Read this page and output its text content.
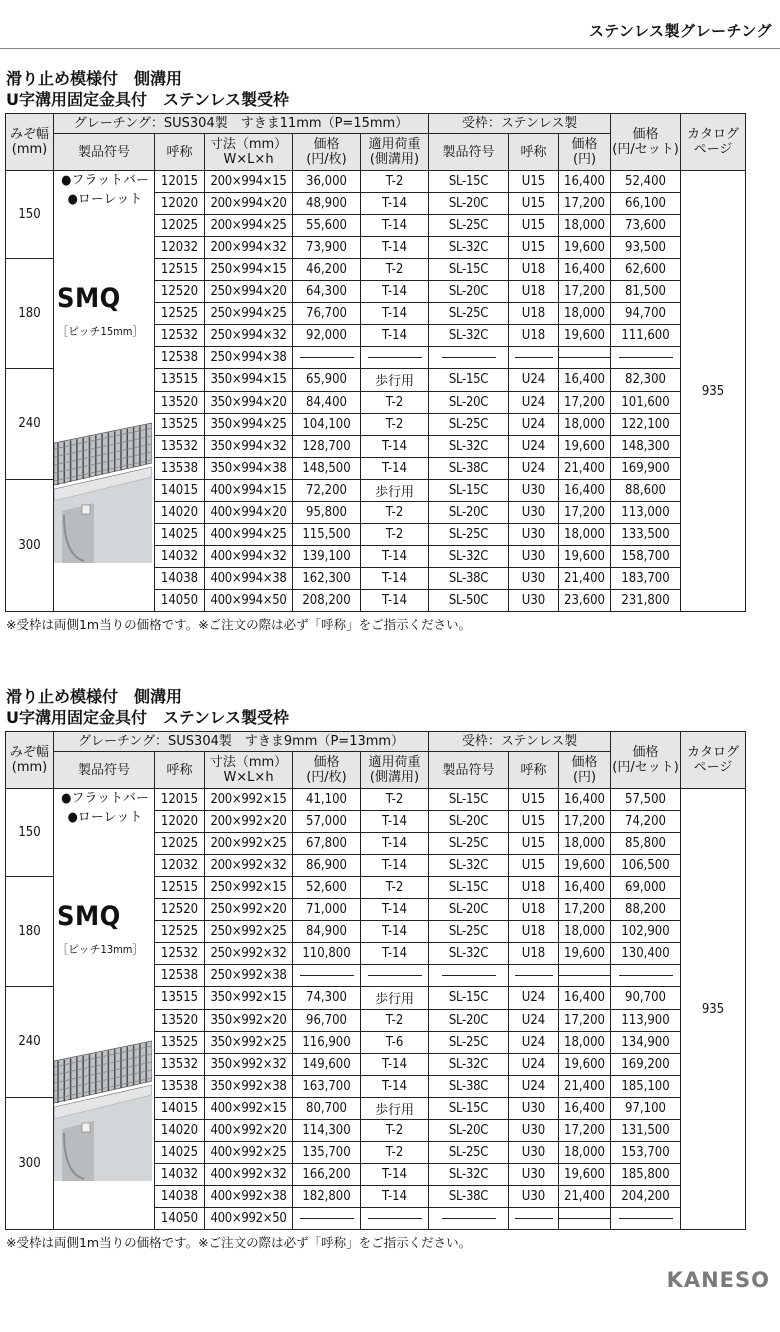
ステンレス製グレーチング
滑り止め模様付　側溝用
U字溝用固定金具付　ステンレス製受枠
みぞ幅
(mm)	グレーチング：SUS304製　すきま11mm（P=15mm）					受枠：ステンレス製			価格
(円/セット)	カタログ
ページ
	製品符号	呼称	寸法（mm）
W×L×h	価格
(円/枚)	適用荷重
(側溝用)	製品符号	呼称	価格
(円)		
150	●フラットバー
●ローレット
SMQ
［ピッチ15mm］	12015	200×994×15	36,000	T-2	SL-15C	U15	16,400	52,400	935
		12020	200×994×20	48,900	T-14	SL-20C	U15	17,200	66,100	
		12025	200×994×25	55,600	T-14	SL-25C	U15	18,000	73,600	
		12032	200×994×32	73,900	T-14	SL-32C	U15	19,600	93,500	
180		12515	250×994×15	46,200	T-2	SL-15C	U18	16,400	62,600	
		12520	250×994×20	64,300	T-14	SL-20C	U18	17,200	81,500	
		12525	250×994×25	76,700	T-14	SL-25C	U18	18,000	94,700	
		12532	250×994×32	92,000	T-14	SL-32C	U18	19,600	111,600	
		12538	250×994×38							
240		13515	350×994×15	65,900	歩行用	SL-15C	U24	16,400	82,300	
		13520	350×994×20	84,400	T-2	SL-20C	U24	17,200	101,600	
		13525	350×994×25	104,100	T-2	SL-25C	U24	18,000	122,100	
		13532	350×994×32	128,700	T-14	SL-32C	U24	19,600	148,300	
		13538	350×994×38	148,500	T-14	SL-38C	U24	21,400	169,900	
300		14015	400×994×15	72,200	歩行用	SL-15C	U30	16,400	88,600	
		14020	400×994×20	95,800	T-2	SL-20C	U30	17,200	113,000	
		14025	400×994×25	115,500	T-2	SL-25C	U30	18,000	133,500	
		14032	400×994×32	139,100	T-14	SL-32C	U30	19,600	158,700	
		14038	400×994×38	162,300	T-14	SL-38C	U30	21,400	183,700	
		14050	400×994×50	208,200	T-14	SL-50C	U30	23,600	231,800	
※受枠は両側1m当りの価格です。※ご注文の際は必ず「呼称」をご指示ください。
滑り止め模様付　側溝用
U字溝用固定金具付　ステンレス製受枠
みぞ幅
(mm)	グレーチング：SUS304製　すきま9mm（P=13mm）					受枠：ステンレス製			価格
(円/セット)	カタログ
ページ
	製品符号	呼称	寸法（mm）
W×L×h	価格
(円/枚)	適用荷重
(側溝用)	製品符号	呼称	価格
(円)		
150	●フラットバー
●ローレット
SMQ
［ピッチ13mm］	12015	200×992×15	41,100	T-2	SL-15C	U15	16,400	57,500	935
		12020	200×992×20	57,000	T-14	SL-20C	U15	17,200	74,200	
		12025	200×992×25	67,800	T-14	SL-25C	U15	18,000	85,800	
		12032	200×992×32	86,900	T-14	SL-32C	U15	19,600	106,500	
180		12515	250×992×15	52,600	T-2	SL-15C	U18	16,400	69,000	
		12520	250×992×20	71,000	T-14	SL-20C	U18	17,200	88,200	
		12525	250×992×25	84,900	T-14	SL-25C	U18	18,000	102,900	
		12532	250×992×32	110,800	T-14	SL-32C	U18	19,600	130,400	
		12538	250×992×38							
240		13515	350×992×15	74,300	歩行用	SL-15C	U24	16,400	90,700	
		13520	350×992×20	96,700	T-2	SL-20C	U24	17,200	113,900	
		13525	350×992×25	116,900	T-6	SL-25C	U24	18,000	134,900	
		13532	350×992×32	149,600	T-14	SL-32C	U24	19,600	169,200	
		13538	350×992×38	163,700	T-14	SL-38C	U24	21,400	185,100	
300		14015	400×992×15	80,700	歩行用	SL-15C	U30	16,400	97,100	
		14020	400×992×20	114,300	T-2	SL-20C	U30	17,200	131,500	
		14025	400×992×25	135,700	T-2	SL-25C	U30	18,000	153,700	
		14032	400×992×32	166,200	T-14	SL-32C	U30	19,600	185,800	
		14038	400×992×38	182,800	T-14	SL-38C	U30	21,400	204,200	
		14050	400×992×50							
※受枠は両側1m当りの価格です。※ご注文の際は必ず「呼称」をご指示ください。
KANESO
